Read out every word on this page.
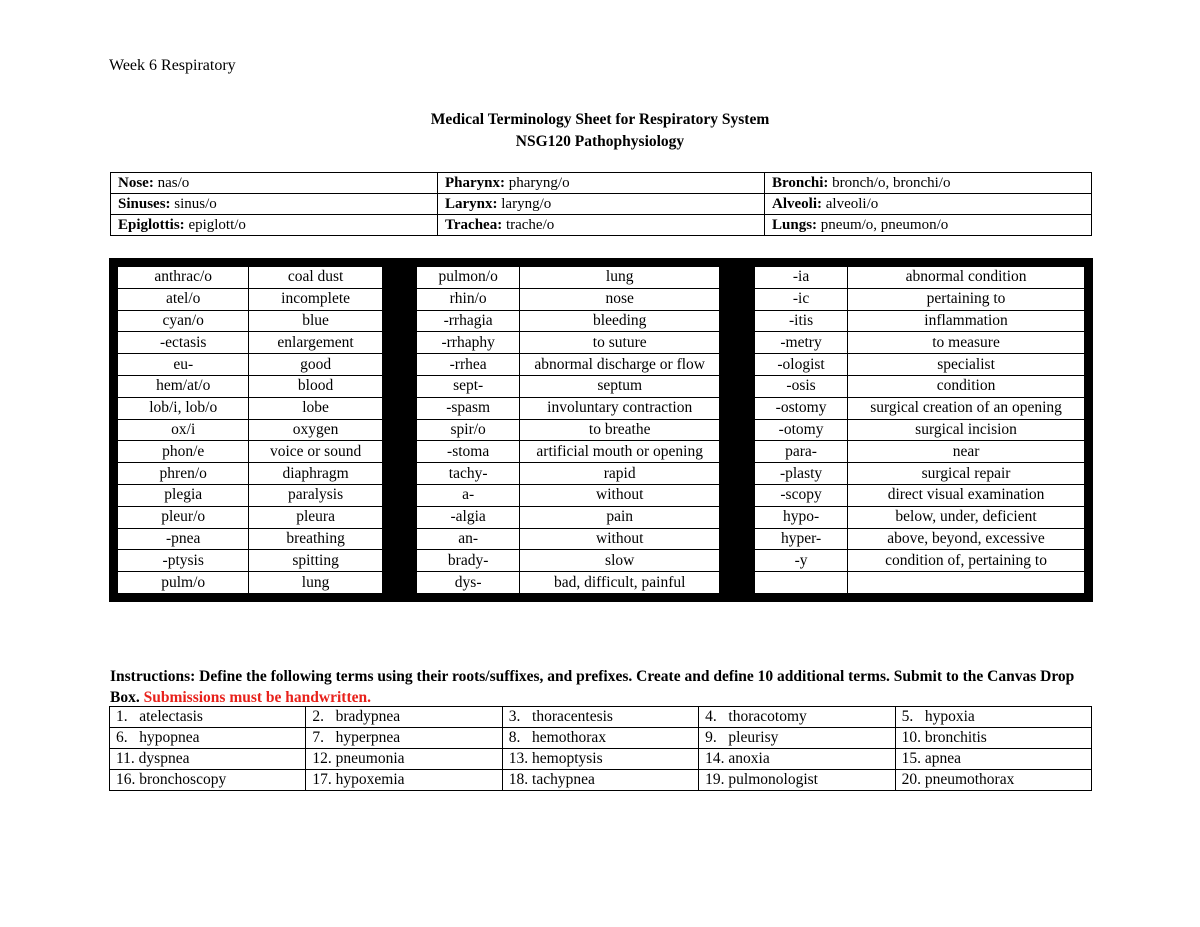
Week 6 Respiratory
Medical Terminology Sheet for Respiratory System
NSG120 Pathophysiology
Nose: nas/o	Pharynx: pharyng/o	Bronchi: bronch/o, bronchi/o
Sinuses: sinus/o	Larynx: laryng/o	Alveoli: alveoli/o
Epiglottis: epiglott/o	Trachea: trache/o	Lungs: pneum/o, pneumon/o
anthrac/o	coal dust		pulmon/o	lung		-ia	abnormal condition
atel/o	incomplete		rhin/o	nose		-ic	pertaining to
cyan/o	blue		-rrhagia	bleeding		-itis	inflammation
-ectasis	enlargement		-rrhaphy	to suture		-metry	to measure
eu-	good		-rrhea	abnormal discharge or flow		-ologist	specialist
hem/at/o	blood		sept-	septum		-osis	condition
lob/i, lob/o	lobe		-spasm	involuntary contraction		-ostomy	surgical creation of an opening
ox/i	oxygen		spir/o	to breathe		-otomy	surgical incision
phon/e	voice or sound		-stoma	artificial mouth or opening		para-	near
phren/o	diaphragm		tachy-	rapid		-plasty	surgical repair
plegia	paralysis		a-	without		-scopy	direct visual examination
pleur/o	pleura		-algia	pain		hypo-	below, under, deficient
-pnea	breathing		an-	without		hyper-	above, beyond, excessive
-ptysis	spitting		brady-	slow		-y	condition of, pertaining to
pulm/o	lung		dys-	bad, difficult, painful			
Instructions: Define the following terms using their roots/suffixes, and prefixes. Create and define 10 additional terms. Submit to the Canvas Drop Box. Submissions must be handwritten.
1.   atelectasis	2.   bradypnea	3.   thoracentesis	4.   thoracotomy	5.   hypoxia
6.   hypopnea	7.   hyperpnea	8.   hemothorax	9.   pleurisy	10. bronchitis
11. dyspnea	12. pneumonia	13. hemoptysis	14. anoxia	15. apnea
16. bronchoscopy	17. hypoxemia	18. tachypnea	19. pulmonologist	20. pneumothorax
